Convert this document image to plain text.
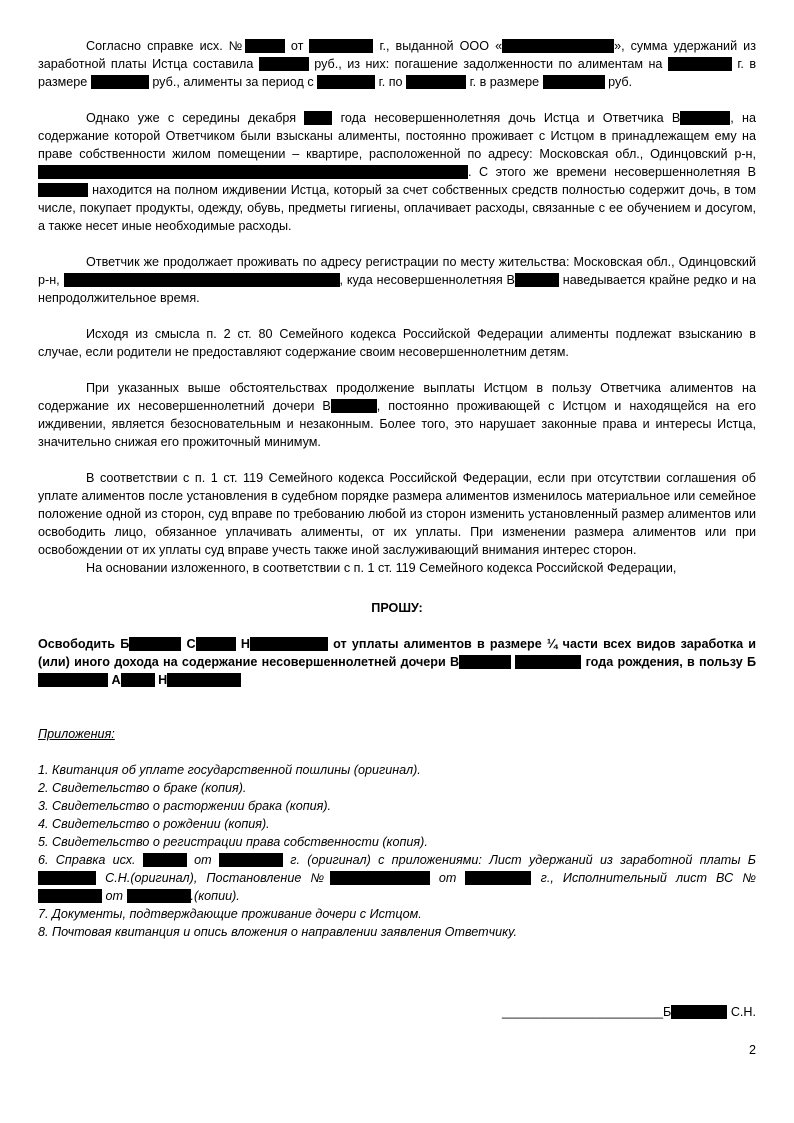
Согласно справке исх. №	от	г., выданной ООО «	», сумма удержаний из заработной платы Истца составила	руб., из них: погашение задолженности по алиментам на	г. в размере	руб., алименты за период с	г. по	г. в размере	руб.

Однако уже с середины декабря	года несовершеннолетняя дочь Истца и Ответчика В	, на содержание которой Ответчиком были взысканы алименты, постоянно проживает с Истцом в принадлежащем ему на праве собственности жилом помещении – квартире, расположенной по адресу: Московская обл., Одинцовский р-н, . С этого же времени несовершеннолетняя В находится на полном иждивении Истца, который за счет собственных средств полностью содержит дочь, в том числе, покупает продукты, одежду, обувь, предметы гигиены, оплачивает расходы, связанные с ее обучением и досугом, а также несет иные необходимые расходы.

Ответчик же продолжает проживать по адресу регистрации по месту жительства: Московская обл., Одинцовский р-н,	, куда несовершеннолетняя В	наведывается крайне редко и на непродолжительное время.

Исходя из смысла п. 2 ст. 80 Семейного кодекса Российской Федерации алименты подлежат взысканию в случае, если родители не предоставляют содержание своим несовершеннолетним детям.

При указанных выше обстоятельствах продолжение выплаты Истцом в пользу Ответчика алиментов на содержание их несовершеннолетний дочери В	, постоянно проживающей с Истцом и находящейся на его иждивении, является безосновательным и незаконным. Более того, это нарушает законные права и интересы Истца, значительно снижая его прожиточный минимум.

В соответствии с п. 1 ст. 119 Семейного кодекса Российской Федерации, если при отсутствии соглашения об уплате алиментов после установления в судебном порядке размера алиментов изменилось материальное или семейное положение одной из сторон, суд вправе по требованию любой из сторон изменить установленный размер алиментов или освободить лицо, обязанное уплачивать алименты, от их уплаты. При изменении размера алиментов или при освобождении от их уплаты суд вправе учесть также иной заслуживающий внимания интерес сторон.

На основании изложенного, в соответствии с п. 1 ст. 119 Семейного кодекса Российской Федерации,

ПРОШУ:

Освободить Б	С	Н	от уплаты алиментов в размере ¼ части всех видов заработка и (или) иного дохода на содержание несовершеннолетней дочери В	года рождения, в пользу Б А	Н

Приложения:

1. Квитанция об уплате государственной пошлины (оригинал).

2. Свидетельство о браке (копия).

3. Свидетельство о расторжении брака (копия).

4. Свидетельство о рождении (копия).

5. Свидетельство о регистрации права собственности (копия).

6. Справка исх.	от	г. (оригинал) с приложениями: Лист удержаний из заработной платы Б С.Н.(оригинал), Постановление №	от	г., Исполнительный лист ВС №  от	.(копии).

7. Документы, подтверждающие проживание дочери с Истцом.

8. Почтовая квитанция и опись вложения о направлении заявления Ответчику.

_______________________Б	С.Н.
2
